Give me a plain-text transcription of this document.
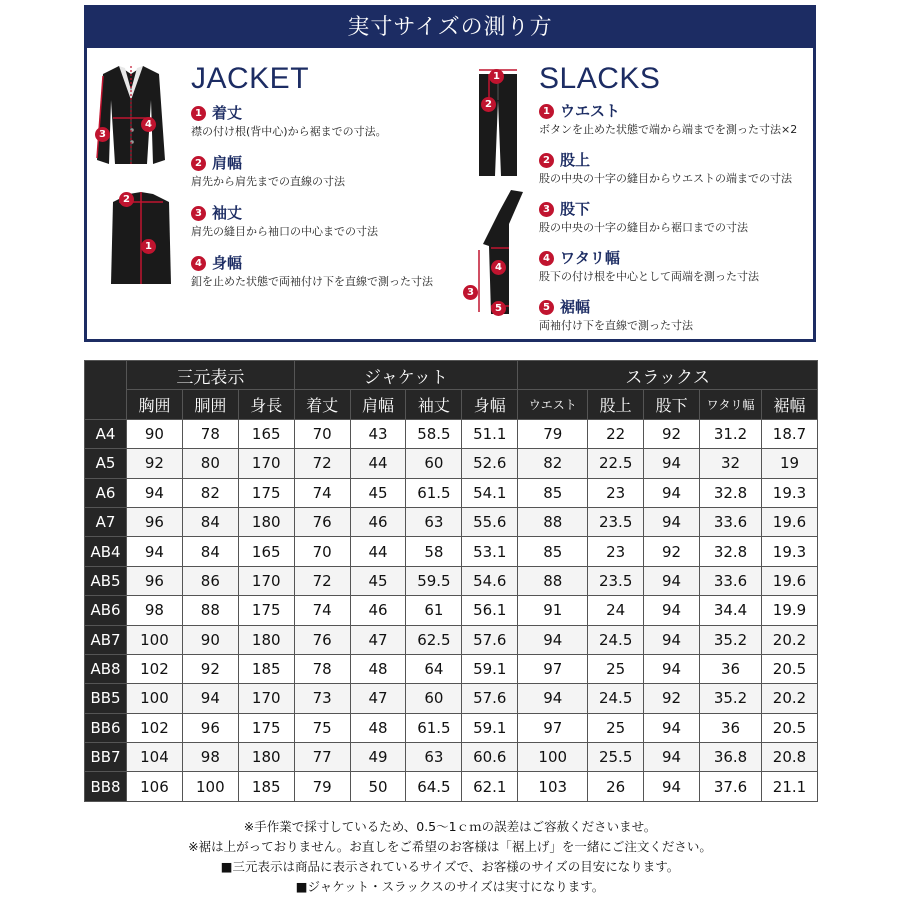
実寸サイズの測り方
3
4
2
1
JACKET
1 着丈
襟の付け根(背中心)から裾までの寸法。
2 肩幅
肩先から肩先までの直線の寸法
3 袖丈
肩先の縫目から袖口の中心までの寸法
4 身幅
釦を止めた状態で両袖付け下を直線で測った寸法
1
2
3
4
5
SLACKS
1 ウエスト
ボタンを止めた状態で端から端までを測った寸法×2
2 股上
股の中央の十字の縫目からウエストの端までの寸法
3 股下
股の中央の十字の縫目から裾口までの寸法
4 ワタリ幅
股下の付け根を中心として両端を測った寸法
5 裾幅
両袖付け下を直線で測った寸法
	三元表示			ジャケット				スラックス				
	胸囲	胴囲	身長	着丈	肩幅	袖丈	身幅	ウエスト	股上	股下	ワタリ幅	裾幅
A4	90	78	165	70	43	58.5	51.1	79	22	92	31.2	18.7
A5	92	80	170	72	44	60	52.6	82	22.5	94	32	19
A6	94	82	175	74	45	61.5	54.1	85	23	94	32.8	19.3
A7	96	84	180	76	46	63	55.6	88	23.5	94	33.6	19.6
AB4	94	84	165	70	44	58	53.1	85	23	92	32.8	19.3
AB5	96	86	170	72	45	59.5	54.6	88	23.5	94	33.6	19.6
AB6	98	88	175	74	46	61	56.1	91	24	94	34.4	19.9
AB7	100	90	180	76	47	62.5	57.6	94	24.5	94	35.2	20.2
AB8	102	92	185	78	48	64	59.1	97	25	94	36	20.5
BB5	100	94	170	73	47	60	57.6	94	24.5	92	35.2	20.2
BB6	102	96	175	75	48	61.5	59.1	97	25	94	36	20.5
BB7	104	98	180	77	49	63	60.6	100	25.5	94	36.8	20.8
BB8	106	100	185	79	50	64.5	62.1	103	26	94	37.6	21.1
※手作業で採寸しているため、0.5〜1ｃｍの誤差はご容赦くださいませ。
※裾は上がっておりません。お直しをご希望のお客様は「裾上げ」を一緒にご注文ください。
■三元表示は商品に表示されているサイズで、お客様のサイズの目安になります。
■ジャケット・スラックスのサイズは実寸になります。
